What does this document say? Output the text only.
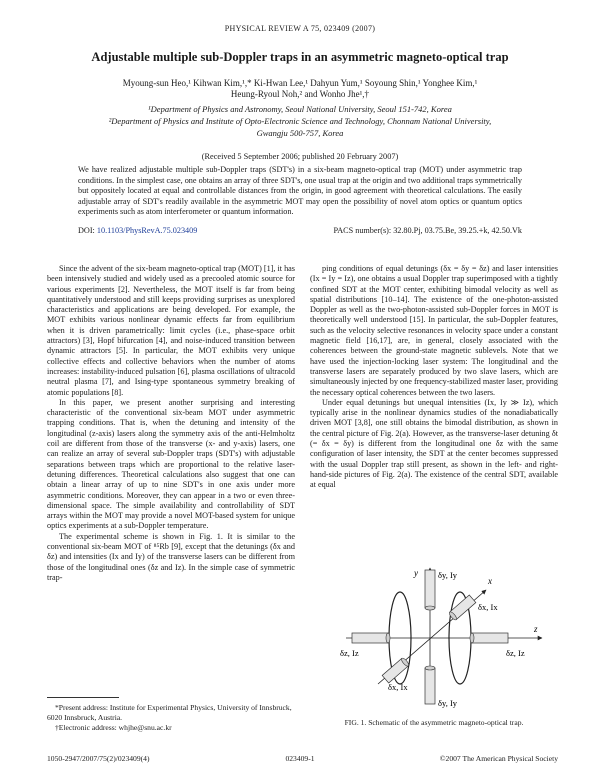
PHYSICAL REVIEW A 75, 023409 (2007)
Adjustable multiple sub-Doppler traps in an asymmetric magneto-optical trap
Myoung-sun Heo,¹ Kihwan Kim,¹,* Ki-Hwan Lee,¹ Dahyun Yum,¹ Soyoung Shin,¹ Yonghee Kim,¹
Heung-Ryoul Noh,² and Wonho Jhe¹,†
¹Department of Physics and Astronomy, Seoul National University, Seoul 151-742, Korea
²Department of Physics and Institute of Opto-Electronic Science and Technology, Chonnam National University,
Gwangju 500-757, Korea
(Received 5 September 2006; published 20 February 2007)
We have realized adjustable multiple sub-Doppler traps (SDT's) in a six-beam magneto-optical trap (MOT) under asymmetric trap conditions. In the simplest case, one obtains an array of three SDT's, one usual trap at the origin and two additional traps symmetrically but oppositely located at equal and controllable distances from the origin, in good agreement with theoretical calculations. The easily adjustable array of SDT's readily available in the asymmetric MOT may open the possibility of novel atom optics or quantum optics experiments such as atom interferometer or quantum information.
DOI: 10.1103/PhysRevA.75.023409	PACS number(s): 32.80.Pj, 03.75.Be, 39.25.+k, 42.50.Vk

Since the advent of the six-beam magneto-optical trap (MOT) [1], it has been intensively studied and widely used as a precooled atomic source for various experiments [2]. Nevertheless, the MOT itself is far from being quantitatively understood and still keeps providing surprises as unexplored characteristics and applications are being developed. For example, the MOT exhibits various nonlinear dynamic effects far from equilibrium when it is driven parametrically: limit cycles (i.e., phase-space orbit attractors) [3], Hopf bifurcation [4], and noise-induced transition between dynamic attractors [5]. In particular, the MOT exhibits very unique collective effects and collective behaviors when the number of atoms increases: instability-induced pulsation [6], plasma oscillations of ultracold neutral plasma [7], and Ising-type spontaneous symmetry breaking of atomic populations [8].

In this paper, we present another surprising and interesting characteristic of the conventional six-beam MOT under asymmetric trapping conditions. That is, when the detuning and intensity of the longitudinal (z-axis) lasers along the symmetry axis of the anti-Helmholtz coil are different from those of the transverse (x- and y-axis) lasers, one can realize an array of several sub-Doppler traps (SDT's) with adjustable separations between traps which are proportional to the relative laser-detuning differences. Theoretical calculations also suggest that one can obtain a linear array of up to nine SDT's in one axis under more asymmetric conditions. Moreover, they can appear in a two or even three-dimensional space. The simple availability and controllability of SDT arrays within the MOT may provide a novel MOT-based system for unique optics experiments at a sub-Doppler temperature.

The experimental scheme is shown in Fig. 1. It is similar to the conventional six-beam MOT of ⁸⁵Rb [9], except that the detunings (δx and δz) and intensities (Ix and Iy) of the transverse lasers can be different from those of the longitudinal ones (δz and Iz). In the simple case of symmetric trap-

ping conditions of equal detunings (δx = δy = δz) and laser intensities (Ix = Iy = Iz), one obtains a usual Doppler trap superimposed with a tightly confined SDT at the MOT center, exhibiting bimodal velocity as well as spatial distributions [10–14]. The existence of the one-photon-assisted Doppler as well as the two-photon-assisted sub-Doppler forces in MOT is theoretically well understood [15]. In particular, the sub-Doppler features, such as the velocity selective resonances in velocity space under a constant magnetic field [16,17], are, in general, closely associated with the coherences between the ground-state magnetic sublevels. Note that we have used the injection-locking laser system: The longitudinal and the transverse lasers are separately produced by two slave lasers, which are simultaneously injected by one frequency-stabilized master laser, providing the necessary optical coherences between the two lasers.

Under equal detunings but unequal intensities (Ix, Iy ≫ Iz), which typically arise in the nonlinear dynamics studies of the nonadiabatically driven MOT [3,8], one still obtains the bimodal distribution, as shown in the central picture of Fig. 2(a). However, as the transverse-laser detuning δt (= δx = δy) is different from the longitudinal one δz with the same configuration of laser intensity, the SDT at the center becomes suppressed with the usual Doppler trap still present, as shown in the left- and right-hand-side pictures of Fig. 2(a). The existence of the central SDT, available at equal

y
x
z
δy, Iy
δx, Ix
δz, Iz	δz, Iz
δx, Ix
δy, Iy
FIG. 1. Schematic of the asymmetric magneto-optical trap.
*Present address: Institute for Experimental Physics, University of Innsbruck, 6020 Innsbruck, Austria.
†Electronic address: whjhe@snu.ac.kr
1050-2947/2007/75(2)/023409(4)	023409-1	©2007 The American Physical Society
